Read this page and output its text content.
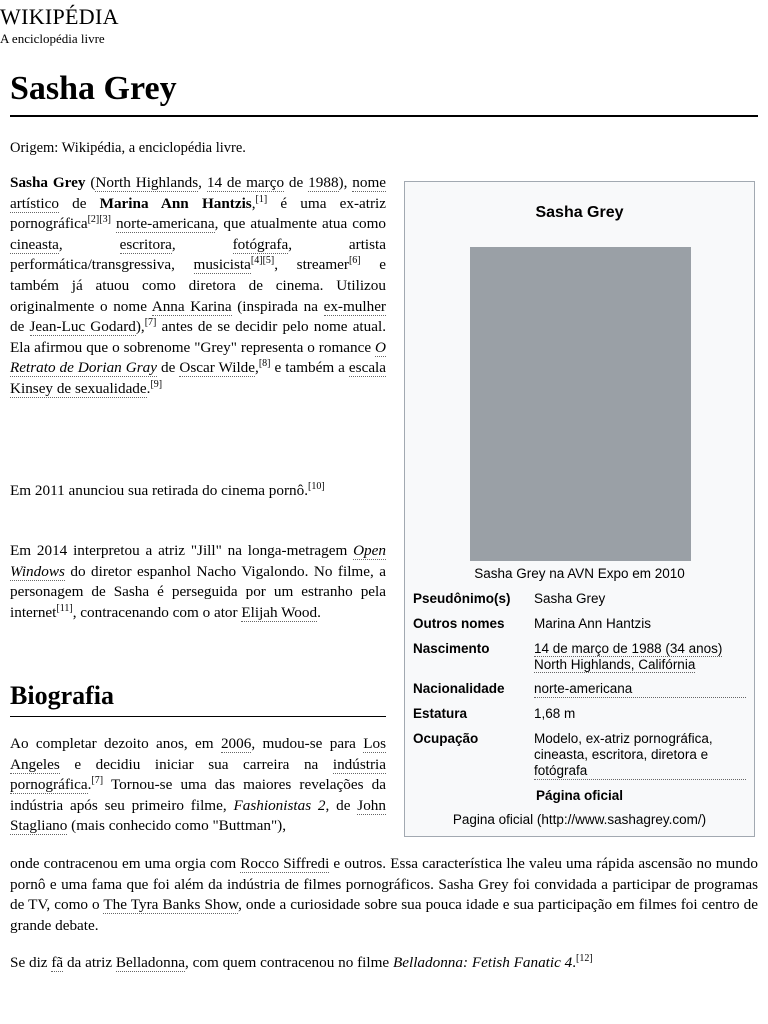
WIKIPÉDIA
A enciclopédia livre
Sasha Grey
Origem: Wikipédia, a enciclopédia livre.

Sasha Grey (North Highlands, 14 de março de 1988), nome artístico de Marina Ann Hantzis,[1] é uma ex-atriz pornográfica[2][3] norte-americana, que atualmente atua como cineasta, escritora, fotógrafa, artista performática/transgressiva, musicista[4][5], streamer[6] e também já atuou como diretora de cinema. Utilizou originalmente o nome Anna Karina (inspirada na ex-mulher de Jean-Luc Godard),[7] antes de se decidir pelo nome atual. Ela afirmou que o sobrenome "Grey" representa o romance O Retrato de Dorian Gray de Oscar Wilde,[8] e também a escala Kinsey de sexualidade.[9]

Em 2011 anunciou sua retirada do cinema pornô.[10]

Em 2014 interpretou a atriz "Jill" na longa-metragem Open Windows do diretor espanhol Nacho Vigalondo. No filme, a personagem de Sasha é perseguida por um estranho pela internet[11], contracenando com o ator Elijah Wood.

Biografia

Ao completar dezoito anos, em 2006, mudou-se para Los Angeles e decidiu iniciar sua carreira na indústria pornográfica.[7] Tornou-se uma das maiores revelações da indústria após seu primeiro filme, Fashionistas 2, de John Stagliano (mais conhecido como "Buttman"),

onde contracenou em uma orgia com Rocco Siffredi e outros. Essa característica lhe valeu uma rápida ascensão no mundo pornô e uma fama que foi além da indústria de filmes pornográficos. Sasha Grey foi convidada a participar de programas de TV, como o The Tyra Banks Show, onde a curiosidade sobre sua pouca idade e sua participação em filmes foi centro de grande debate.

Se diz fã da atriz Belladonna, com quem contracenou no filme Belladonna: Fetish Fanatic 4.[12]

Sasha Grey
Sasha Grey na AVN Expo em 2010
Pseudônimo(s)	Sasha Grey
Outros nomes	Marina Ann Hantzis
Nascimento	14 de março de 1988 (34 anos)
North Highlands, Califórnia
Nacionalidade	norte-americana
Estatura	1,68 m
Ocupação	Modelo, ex-atriz pornográfica, cineasta, escritora, diretora e fotógrafa
Página oficial
Pagina oficial (http://www.sashagrey.com/)
